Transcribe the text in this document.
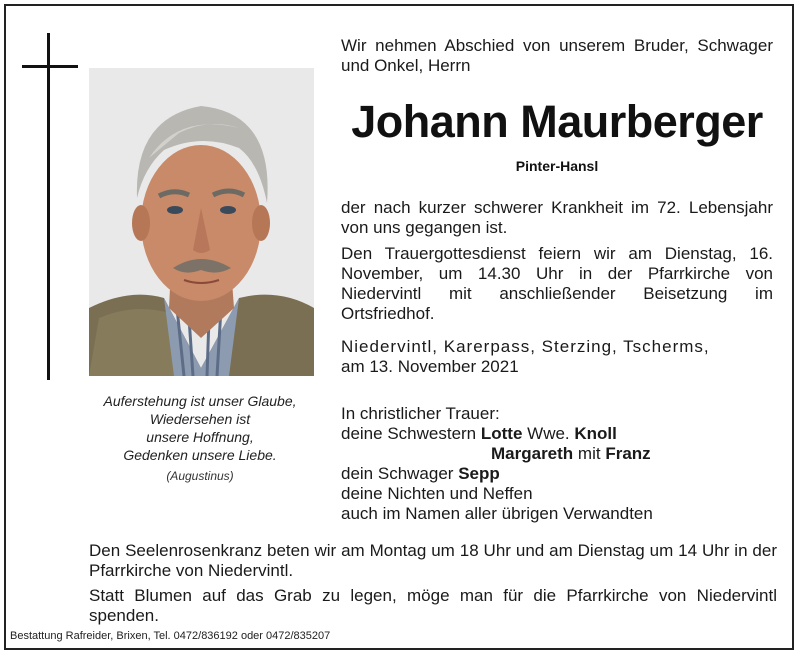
Auferstehung ist unser Glaube,
Wiedersehen ist
unsere Hoffnung,
Gedenken unsere Liebe.
(Augustinus)
Wir nehmen Abschied von unserem Bruder, Schwager und Onkel, Herrn
Johann Maurberger
Pinter-Hansl
der nach kurzer schwerer Krankheit im 72. Lebensjahr von uns gegangen ist.
Den Trauergottesdienst feiern wir am Dienstag, 16. November, um 14.30 Uhr in der Pfarrkirche von Niedervintl mit anschließender Beisetzung im Ortsfriedhof.
Niedervintl, Karerpass, Sterzing, Tscherms,
am 13. November 2021
In christlicher Trauer:
deine Schwestern Lotte Wwe. Knoll
Margareth mit Franz
dein Schwager Sepp
deine Nichten und Neffen
auch im Namen aller übrigen Verwandten
Den Seelenrosenkranz beten wir am Montag um 18 Uhr und am Dienstag um 14 Uhr in der Pfarrkirche von Niedervintl.
Statt Blumen auf das Grab zu legen, möge man für die Pfarrkirche von Niedervintl spenden.
Bestattung Rafreider, Brixen, Tel. 0472/836192 oder 0472/835207
